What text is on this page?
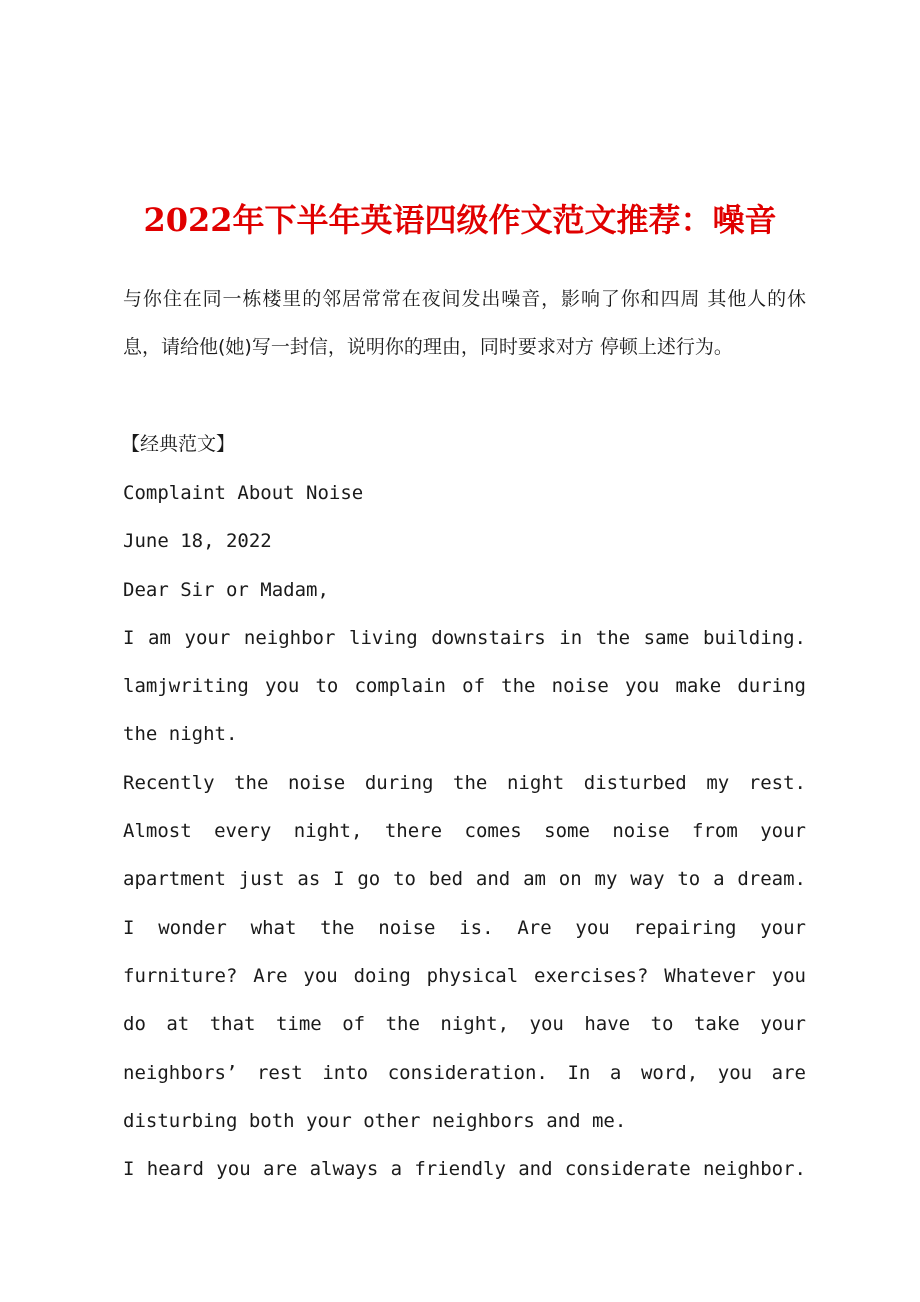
2022年下半年英语四级作文范文推荐：噪音
与你住在同一栋楼里的邻居常常在夜间发出噪音，影响了你和四周 其他人的休息，请给他(她)写一封信，说明你的理由，同时要求对方 停顿上述行为。
【经典范文】

Complaint About Noise

June 18, 2022

Dear Sir or Madam,

I am your neighbor living downstairs in the same building. lamjwriting you to complain of the noise you make during the night.

Recently the noise during the night disturbed my rest. Almost every night, there comes some noise from your apartment just as I go to bed and am on my way to a dream. I wonder what the noise is. Are you repairing your furniture? Are you doing physical exercises? Whatever you do at that time of the night, you have to take your neighbors’ rest into consideration. In a word, you are disturbing both your other neighbors and me.

I heard you are always a friendly and considerate neighbor.
